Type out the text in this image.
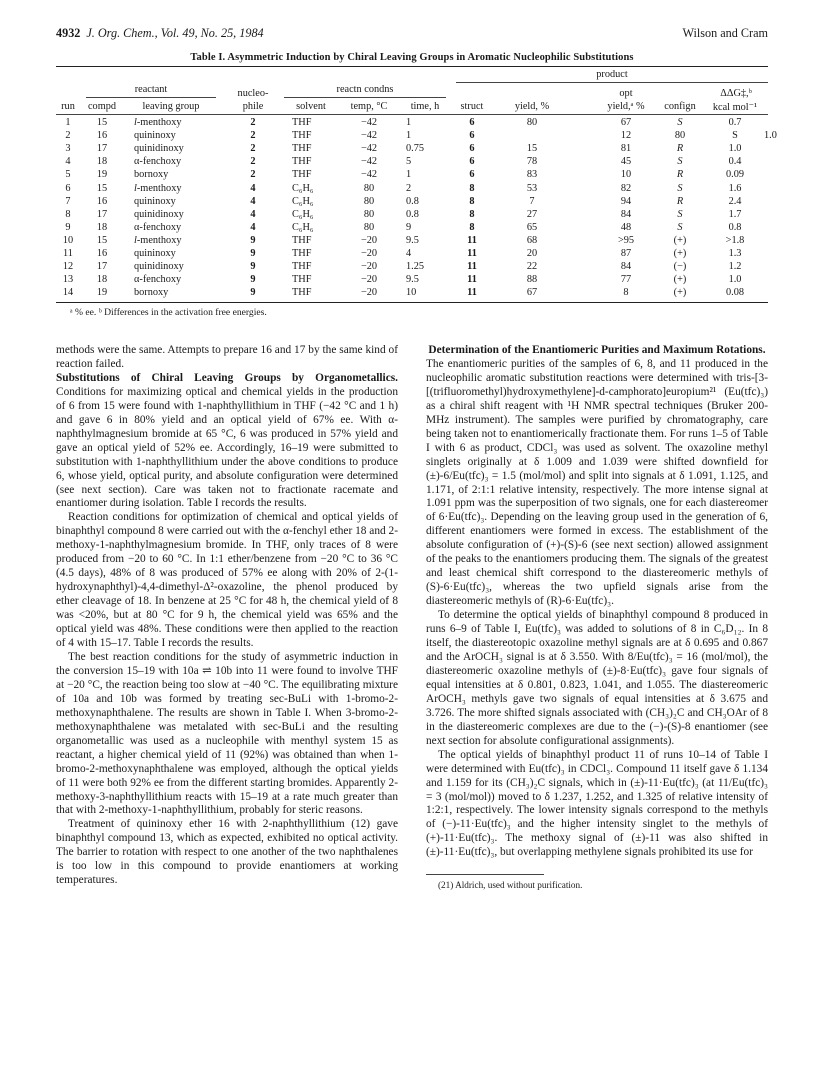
4932 J. Org. Chem., Vol. 49, No. 25, 1984	Wilson and Cram
Table I. Asymmetric Induction by Chiral Leaving Groups in Aromatic Nucleophilic Substitutions
product
reactant	reactn condns
nucleo-	opt	ΔΔG‡,ᵇ
run	compd	leaving group	phile	solvent	temp, °C	time, h	struct	yield, %	yield,ᵃ %	confign	kcal mol⁻¹
1	15	l-menthoxy	2	THF	−42	1	6	80	67	S	0.7
2	16	quininoxy	2	THF	−42	1	6	12	80	S	1.0
3	17	quinidinoxy	2	THF	−42	0.75	6	15	81	R	1.0
4	18	α-fenchoxy	2	THF	−42	5	6	78	45	S	0.4
5	19	bornoxy	2	THF	−42	1	6	83	10	R	0.09
6	15	l-menthoxy	4	C₆H₆	80	2	8	53	82	S	1.6
7	16	quininoxy	4	C₆H₆	80	0.8	8	7	94	R	2.4
8	17	quinidinoxy	4	C₆H₆	80	0.8	8	27	84	S	1.7
9	18	α-fenchoxy	4	C₆H₆	80	9	8	65	48	S	0.8
10	15	l-menthoxy	9	THF	−20	9.5	11	68	>95	(+)	>1.8
11	16	quininoxy	9	THF	−20	4	11	20	87	(+)	1.3
12	17	quinidinoxy	9	THF	−20	1.25	11	22	84	(−)	1.2
13	18	α-fenchoxy	9	THF	−20	9.5	11	88	77	(+)	1.0
14	19	bornoxy	9	THF	−20	10	11	67	8	(+)	0.08
ᵃ % ee. ᵇ Differences in the activation free energies.

methods were the same. Attempts to prepare 16 and 17 by the same kind of reaction failed.

Substitutions of Chiral Leaving Groups by Organometallics. Conditions for maximizing optical and chemical yields in the production of 6 from 15 were found with 1-naphthyllithium in THF (−42 °C and 1 h) and gave 6 in 80% yield and an optical yield of 67% ee. With α-naphthylmagnesium bromide at 65 °C, 6 was produced in 57% yield and gave an optical yield of 52% ee. Accordingly, 16–19 were submitted to substitution with 1-naphthyllithium under the above conditions to produce 6, whose yield, optical purity, and absolute configuration were determined (see next section). Care was taken not to fractionate racemate and enantiomer during isolation. Table I records the results.

Reaction conditions for optimization of chemical and optical yields of binaphthyl compound 8 were carried out with the α-fenchyl ether 18 and 2-methoxy-1-naphthylmagnesium bromide. In THF, only traces of 8 were produced from −20 to 60 °C. In 1:1 ether/benzene from −20 °C to 36 °C (4.5 days), 48% of 8 was produced of 57% ee along with 20% of 2-(1-hydroxynaphthyl)-4,4-dimethyl-Δ²-oxazoline, the phenol produced by ether cleavage of 18. In benzene at 25 °C for 48 h, the chemical yield of 8 was <20%, but at 80 °C for 9 h, the chemical yield was 65% and the optical yield was 48%. These conditions were then applied to the reaction of 4 with 15–17. Table I records the results.

The best reaction conditions for the study of asymmetric induction in the conversion 15–19 with 10a ⇌ 10b into 11 were found to involve THF at −20 °C, the reaction being too slow at −40 °C. The equilibrating mixture of 10a and 10b was formed by treating sec-BuLi with 1-bromo-2-methoxynaphthalene. The results are shown in Table I. When 3-bromo-2-methoxynaphthalene was metalated with sec-BuLi and the resulting organometallic was used as a nucleophile with menthyl system 15 as reactant, a higher chemical yield of 11 (92%) was obtained than when 1-bromo-2-methoxynaphthalene was employed, although the optical yields of 11 were both 92% ee from the different starting bromides. Apparently 2-methoxy-3-naphthyllithium reacts with 15–19 at a rate much greater than that with 2-methoxy-1-naphthyllithium, probably for steric reasons.

Treatment of quininoxy ether 16 with 2-naphthyllithium (12) gave binaphthyl compound 13, which as expected, exhibited no optical activity. The barrier to rotation with respect to one another of the two naphthalenes is too low in this compound to provide enantiomers at working temperatures.

Determination of the Enantiomeric Purities and Maximum Rotations.

The enantiomeric purities of the samples of 6, 8, and 11 produced in the nucleophilic aromatic substitution reactions were determined with tris-[3-[(trifluoromethyl)hydroxymethylene]-d-camphorato]europium²¹ (Eu(tfc)₃) as a chiral shift reagent with ¹H NMR spectral techniques (Bruker 200-MHz instrument). The samples were purified by chromatography, care being taken not to enantiomerically fractionate them. For runs 1–5 of Table I with 6 as product, CDCl₃ was used as solvent. The oxazoline methyl singlets originally at δ 1.009 and 1.039 were shifted downfield for (±)-6/Eu(tfc)₃ = 1.5 (mol/mol) and split into signals at δ 1.091, 1.125, and 1.171, of 2:1:1 relative intensity, respectively. The more intense signal at 1.091 ppm was the superposition of two signals, one for each diastereomer of 6·Eu(tfc)₃. Depending on the leaving group used in the generation of 6, different enantiomers were formed in excess. The establishment of the absolute configuration of (+)-(S)-6 (see next section) allowed assignment of the peaks to the enantiomers producing them. The signals of the greatest and least chemical shift correspond to the diastereomeric methyls of (S)-6·Eu(tfc)₃, whereas the two upfield signals arise from the diastereomeric methyls of (R)-6·Eu(tfc)₃.

To determine the optical yields of binaphthyl compound 8 produced in runs 6–9 of Table I, Eu(tfc)₃ was added to solutions of 8 in C₆D₁₂. In 8 itself, the diastereotopic oxazoline methyl signals are at δ 0.695 and 0.867 and the ArOCH₃ signal is at δ 3.550. With 8/Eu(tfc)₃ = 16 (mol/mol), the diastereomeric oxazoline methyls of (±)-8·Eu(tfc)₃ gave four signals of equal intensities at δ 0.801, 0.823, 1.041, and 1.055. The diastereomeric ArOCH₃ methyls gave two signals of equal intensities at δ 3.675 and 3.726. The more shifted signals associated with (CH₃)₂C and CH₃OAr of 8 in the diastereomeric complexes are due to the (−)-(S)-8 enantiomer (see next section for absolute configurational assignments).

The optical yields of binaphthyl product 11 of runs 10–14 of Table I were determined with Eu(tfc)₃ in CDCl₃. Compound 11 itself gave δ 1.134 and 1.159 for its (CH₃)₂C signals, which in (±)-11·Eu(tfc)₃ (at 11/Eu(tfc)₃ = 3 (mol/mol)) moved to δ 1.237, 1.252, and 1.325 of relative intensity of 1:2:1, respectively. The lower intensity signals correspond to the methyls of (−)-11·Eu(tfc)₃ and the higher intensity singlet to the methyls of (+)-11·Eu(tfc)₃. The methoxy signal of (±)-11 was also shifted in (±)-11·Eu(tfc)₃, but overlapping methylene signals prohibited its use for

(21) Aldrich, used without purification.
